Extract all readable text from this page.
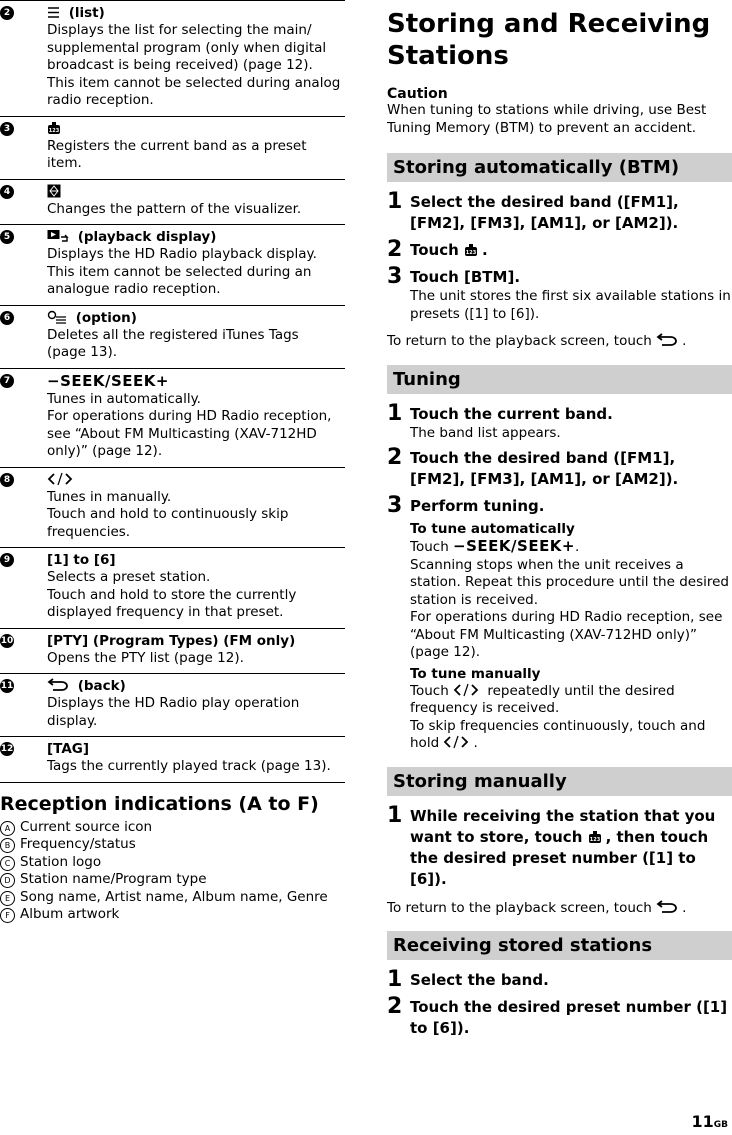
2	(list)
Displays the list for selecting the main/
supplemental program (only when digital broadcast is being received) (page 12).
This item cannot be selected during analog radio reception.
3	123
Registers the current band as a preset item.
4
Changes the pattern of the visualizer.
5	(playback display)
Displays the HD Radio playback display.
This item cannot be selected during an analogue radio reception.
6	(option)
Deletes all the registered iTunes Tags
(page 13).
7 −SEEK/SEEK+
Tunes in automatically.
For operations during HD Radio reception, see “About FM Multicasting (XAV-712HD only)” (page 12).
8
Tunes in manually.
Touch and hold to continuously skip frequencies.
9	[1] to [6]
Selects a preset station.
Touch and hold to store the currently displayed frequency in that preset.
10 [PTY] (Program Types) (FM only)
Opens the PTY list (page 12).
11	(back)
Displays the HD Radio play operation display.
12 [TAG]
Tags the currently played track (page 13).
Reception indications (A to F)
A Current source icon
B Frequency/status
C Station logo
D Station name/Program type
E Song name, Artist name, Album name, Genre
F Album artwork
Storing and Receiving Stations

Caution

When tuning to stations while driving, use Best Tuning Memory (BTM) to prevent an accident.

Storing automatically (BTM)
1 Select the desired band ([FM1], [FM2], [FM3], [AM1], or [AM2]).
2 Touch 123 .
3 Touch [BTM].
The unit stores the first six available stations in presets ([1] to [6]).
To return to the playback screen, touch
.
Tuning
1 Touch the current band.
The band list appears.
2 Touch the desired band ([FM1], [FM2], [FM3], [AM1], or [AM2]).
3 Perform tuning.
To tune automatically
Touch −SEEK/SEEK+.
Scanning stops when the unit receives a station. Repeat this procedure until the desired station is received.
For operations during HD Radio reception, see “About FM Multicasting (XAV-712HD only)”
(page 12).
To tune manually
Touch	repeatedly until the desired frequency is received.
To skip frequencies continuously, touch and hold	.
Storing manually
1 While receiving the station that you want to store, touch 123 , then touch the desired preset number ([1] to [6]).
To return to the playback screen, touch
.
Receiving stored stations
1 Select the band.
2 Touch the desired preset number ([1] to [6]).
11GB
